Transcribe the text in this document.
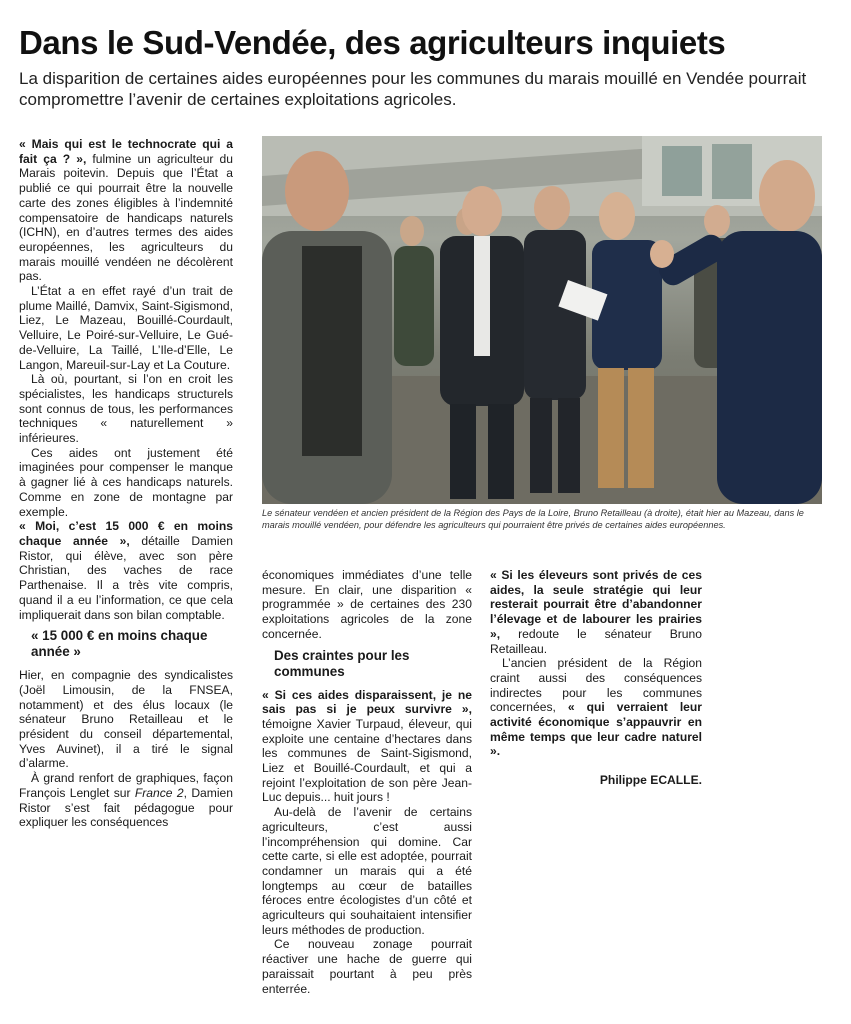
Dans le Sud-Vendée, des agriculteurs inquiets
La disparition de certaines aides européennes pour les communes du marais mouillé en Vendée pourrait compromettre l’avenir de certaines exploitations agricoles.

« Mais qui est le technocrate qui a fait ça ? », fulmine un agriculteur du Marais poitevin. Depuis que l’État a publié ce qui pourrait être la nouvelle carte des zones éligibles à l’indemnité compensatoire de handicaps naturels (ICHN), en d’autres termes des aides européennes, les agriculteurs du marais mouillé vendéen ne décolèrent pas.

L’État a en effet rayé d’un trait de plume Maillé, Damvix, Saint-Sigismond, Liez, Le Mazeau, Bouillé-Courdault, Velluire, Le Poiré-sur-Velluire, Le Gué-de-Velluire, La Taillé, L’Ile-d’Elle, Le Langon, Mareuil-sur-Lay et La Couture.

Là où, pourtant, si l’on en croit les spécialistes, les handicaps structurels sont connus de tous, les performances techniques « naturellement » inférieures.

Ces aides ont justement été imaginées pour compenser le manque à gagner lié à ces handicaps naturels. Comme en zone de montagne par exemple.

« Moi, c’est 15 000 € en moins chaque année », détaille Damien Ristor, qui élève, avec son père Christian, des vaches de race Parthenaise. Il a très vite compris, quand il a eu l’information, ce que cela impliquerait dans son bilan comptable.

« 15 000 € en moins chaque année »

Hier, en compagnie des syndicalistes (Joël Limousin, de la FNSEA, notamment) et des élus locaux (le sénateur Bruno Retailleau et le président du conseil départemental, Yves Auvinet), il a tiré le signal d’alarme.

À grand renfort de graphiques, façon François Lenglet sur France 2, Damien Ristor s’est fait pédagogue pour expliquer les conséquences

Le sénateur vendéen et ancien président de la Région des Pays de la Loire, Bruno Retailleau (à droite), était hier au Mazeau, dans le marais mouillé vendéen, pour défendre les agriculteurs qui pourraient être privés de certaines aides européennes.

économiques immédiates d’une telle mesure. En clair, une disparition « programmée » de certaines des 230 exploitations agricoles de la zone concernée.

Des craintes pour les communes

« Si ces aides disparaissent, je ne sais pas si je peux survivre », témoigne Xavier Turpaud, éleveur, qui exploite une centaine d’hectares dans les communes de Saint-Sigismond, Liez et Bouillé-Courdault, et qui a rejoint l’exploitation de son père Jean-Luc depuis... huit jours !

Au-delà de l’avenir de certains agriculteurs, c’est aussi l’incompréhension qui domine. Car cette carte, si elle est adoptée, pourrait condamner un marais qui a été longtemps au cœur de batailles féroces entre écologistes d’un côté et agriculteurs qui souhaitaient intensifier leurs méthodes de production.

Ce nouveau zonage pourrait réactiver une hache de guerre qui paraissait pourtant à peu près enterrée.

« Si les éleveurs sont privés de ces aides, la seule stratégie qui leur resterait pourrait être d’abandonner l’élevage et de labourer les prairies », redoute le sénateur Bruno Retailleau.

L’ancien président de la Région craint aussi des conséquences indirectes pour les communes concernées, « qui verraient leur activité économique s’appauvrir en même temps que leur cadre naturel ».

Philippe ECALLE.
